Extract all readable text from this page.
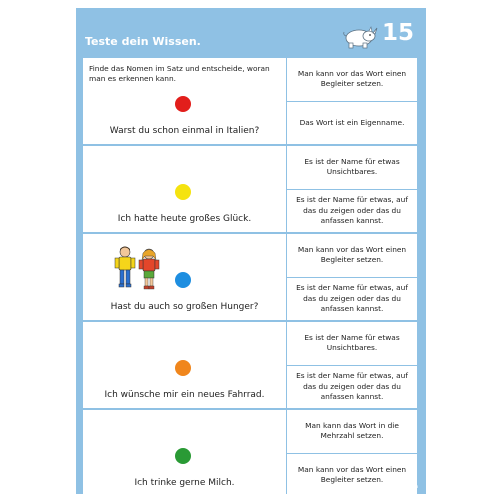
Teste dein Wissen.	15
Finde das Nomen im Satz und entscheide, woran man es erkennen kann.
Warst du schon einmal in Italien?
Man kann vor das Wort einen Begleiter setzen.
Das Wort ist ein Eigenname.
Ich hatte heute großes Glück.
Es ist der Name für etwas Unsichtbares.
Es ist der Name für etwas, auf das du zeigen oder das du anfassen kannst.
Hast du auch so großen Hunger?
Man kann vor das Wort einen Begleiter setzen.
Es ist der Name für etwas, auf das du zeigen oder das du anfassen kannst.
Ich wünsche mir ein neues Fahrrad.
Es ist der Name für etwas Unsichtbares.
Es ist der Name für etwas, auf das du zeigen oder das du anfassen kannst.
Ich trinke gerne Milch.
Man kann das Wort in die Mehrzahl setzen.
Man kann vor das Wort einen Begleiter setzen.
LOGICO-Set PICCOLO	3370 · Großschreibung in kleinen Schritten
